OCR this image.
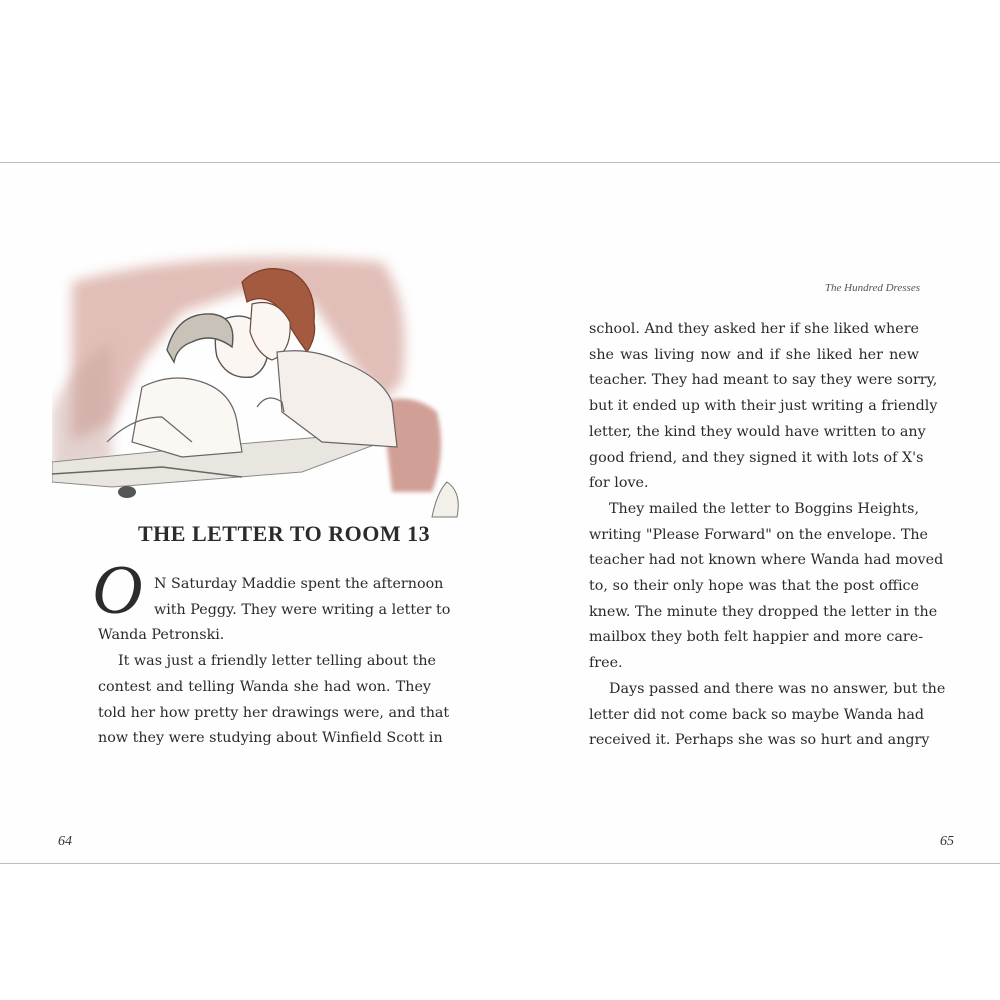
THE LETTER TO ROOM 13
O N Saturday Maddie spent the afternoon
with Peggy. They were writing a letter to
Wanda Petronski.
It was just a friendly letter telling about the
contest and telling Wanda she had won. They
told her how pretty her drawings were, and that
now they were studying about Winfield Scott in
The Hundred Dresses
school. And they asked her if she liked where
she was living now and if she liked her new
teacher. They had meant to say they were sorry,
but it ended up with their just writing a friendly
letter, the kind they would have written to any
good friend, and they signed it with lots of X's
for love.
They mailed the letter to Boggins Heights,
writing "Please Forward" on the envelope. The
teacher had not known where Wanda had moved
to, so their only hope was that the post office
knew. The minute they dropped the letter in the
mailbox they both felt happier and more care-
free.
Days passed and there was no answer, but the
letter did not come back so maybe Wanda had
received it. Perhaps she was so hurt and angry
64	65
